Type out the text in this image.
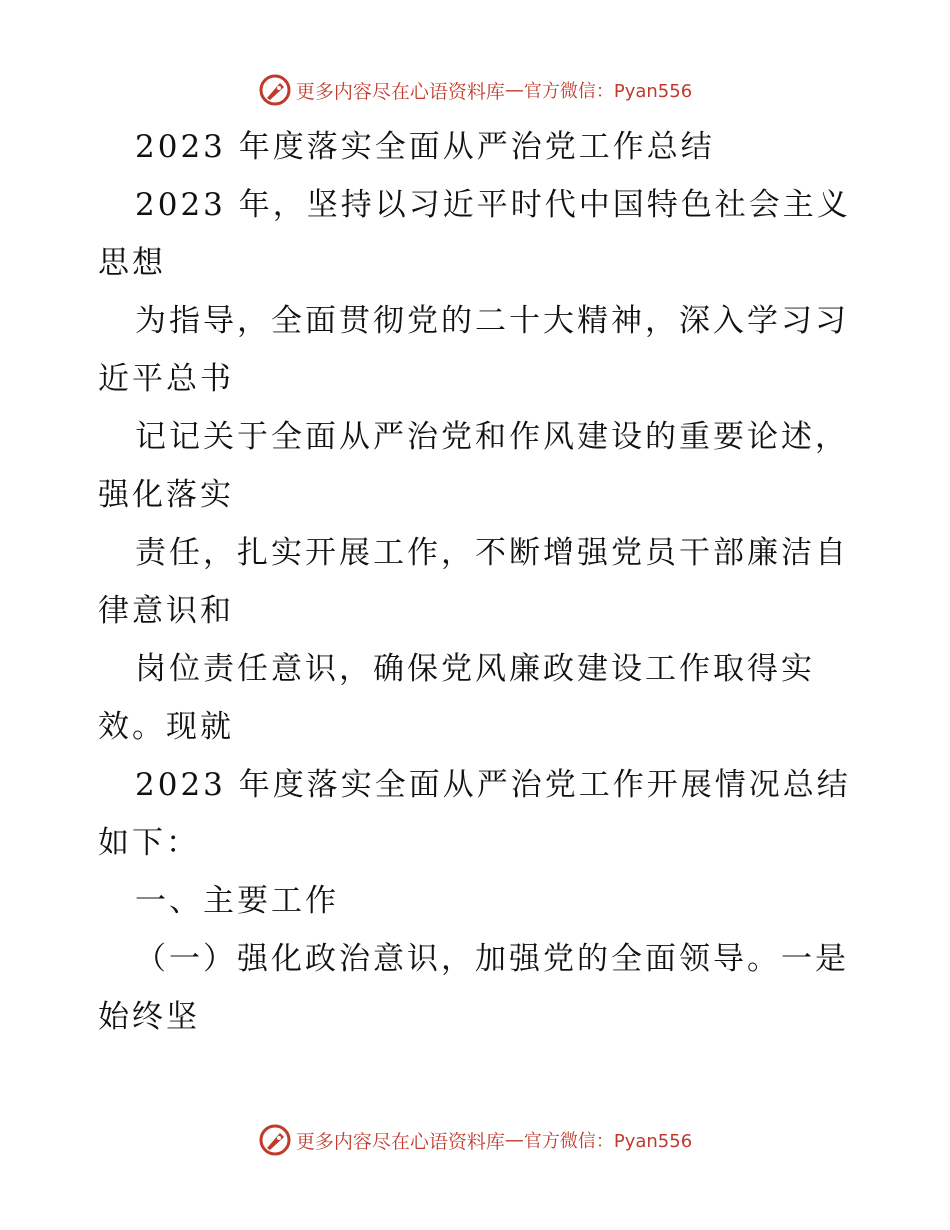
更多内容尽在心语资料库 — 官方微信：Pyan556
2023 年度落实全面从严治党工作总结
2023 年，坚持以习近平时代中国特色社会主义
思想
为指导，全面贯彻党的二十大精神，深入学习习
近平总书
记记关于全面从严治党和作风建设的重要论述，
强化落实
责任，扎实开展工作，不断增强党员干部廉洁自
律意识和
岗位责任意识，确保党风廉政建设工作取得实
效。现就
2023 年度落实全面从严治党工作开展情况总结
如下：
一、主要工作
（一）强化政治意识，加强党的全面领导。一是
始终坚
更多内容尽在心语资料库 — 官方微信：Pyan556
